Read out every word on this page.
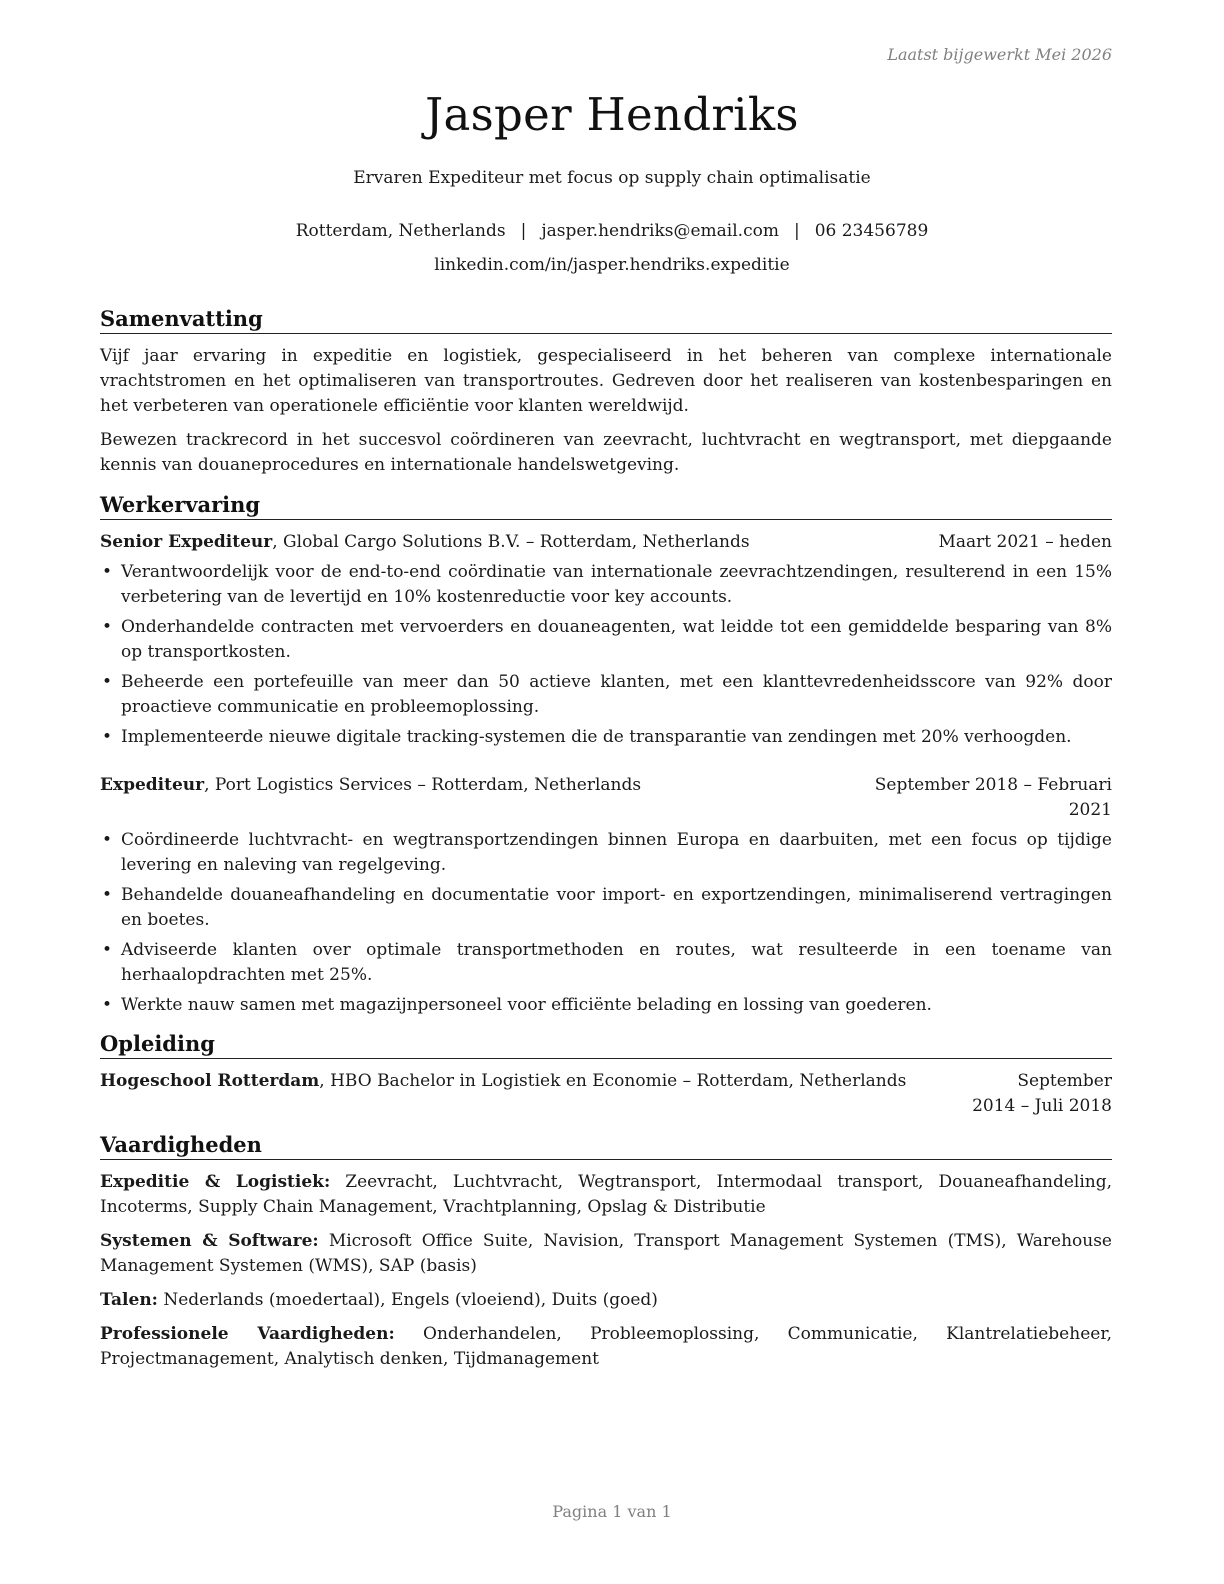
Laatst bijgewerkt Mei 2026
Jasper Hendriks
Ervaren Expediteur met focus op supply chain optimalisatie
Rotterdam, Netherlands | jasper.hendriks@email.com | 06 23456789
linkedin.com/in/jasper.hendriks.expeditie
Samenvatting

Vijf jaar ervaring in expeditie en logistiek, gespecialiseerd in het beheren van complexe internationale vrachtstromen en het optimaliseren van transportroutes. Gedreven door het realiseren van kostenbesparingen en het verbeteren van operationele efficiëntie voor klanten wereldwijd.

Bewezen trackrecord in het succesvol coördineren van zeevracht, luchtvracht en wegtransport, met diepgaande kennis van douaneprocedures en internationale handelswetgeving.

Werkervaring
Senior Expediteur, Global Cargo Solutions B.V. – Rotterdam, Netherlands	Maart 2021 – heden
• Verantwoordelijk voor de end-to-end coördinatie van internationale zeevrachtzendingen, resulterend in een 15% verbetering van de levertijd en 10% kostenreductie voor key accounts.
• Onderhandelde contracten met vervoerders en douaneagenten, wat leidde tot een gemiddelde besparing van 8% op transportkosten.
• Beheerde een portefeuille van meer dan 50 actieve klanten, met een klanttevredenheidsscore van 92% door proactieve communicatie en probleemoplossing.
• Implementeerde nieuwe digitale tracking-systemen die de transparantie van zendingen met 20% verhoogden.
Expediteur, Port Logistics Services – Rotterdam, Netherlands	September 2018 – Februari 2021
• Coördineerde luchtvracht- en wegtransportzendingen binnen Europa en daarbuiten, met een focus op tijdige levering en naleving van regelgeving.
• Behandelde douaneafhandeling en documentatie voor import- en exportzendingen, minimaliserend vertragingen en boetes.
• Adviseerde klanten over optimale transportmethoden en routes, wat resulteerde in een toename van herhaalopdrachten met 25%.
• Werkte nauw samen met magazijnpersoneel voor efficiënte belading en lossing van goederen.
Opleiding
Hogeschool Rotterdam, HBO Bachelor in Logistiek en Economie – Rotterdam, Netherlands	September 2014 – Juli 2018
Vaardigheden

Expeditie & Logistiek: Zeevracht, Luchtvracht, Wegtransport, Intermodaal transport, Douaneafhandeling, Incoterms, Supply Chain Management, Vrachtplanning, Opslag & Distributie

Systemen & Software: Microsoft Office Suite, Navision, Transport Management Systemen (TMS), Warehouse Management Systemen (WMS), SAP (basis)

Talen: Nederlands (moedertaal), Engels (vloeiend), Duits (goed)

Professionele Vaardigheden: Onderhandelen, Probleemoplossing, Communicatie, Klantrelatiebeheer, Projectmanagement, Analytisch denken, Tijdmanagement

Pagina 1 van 1
